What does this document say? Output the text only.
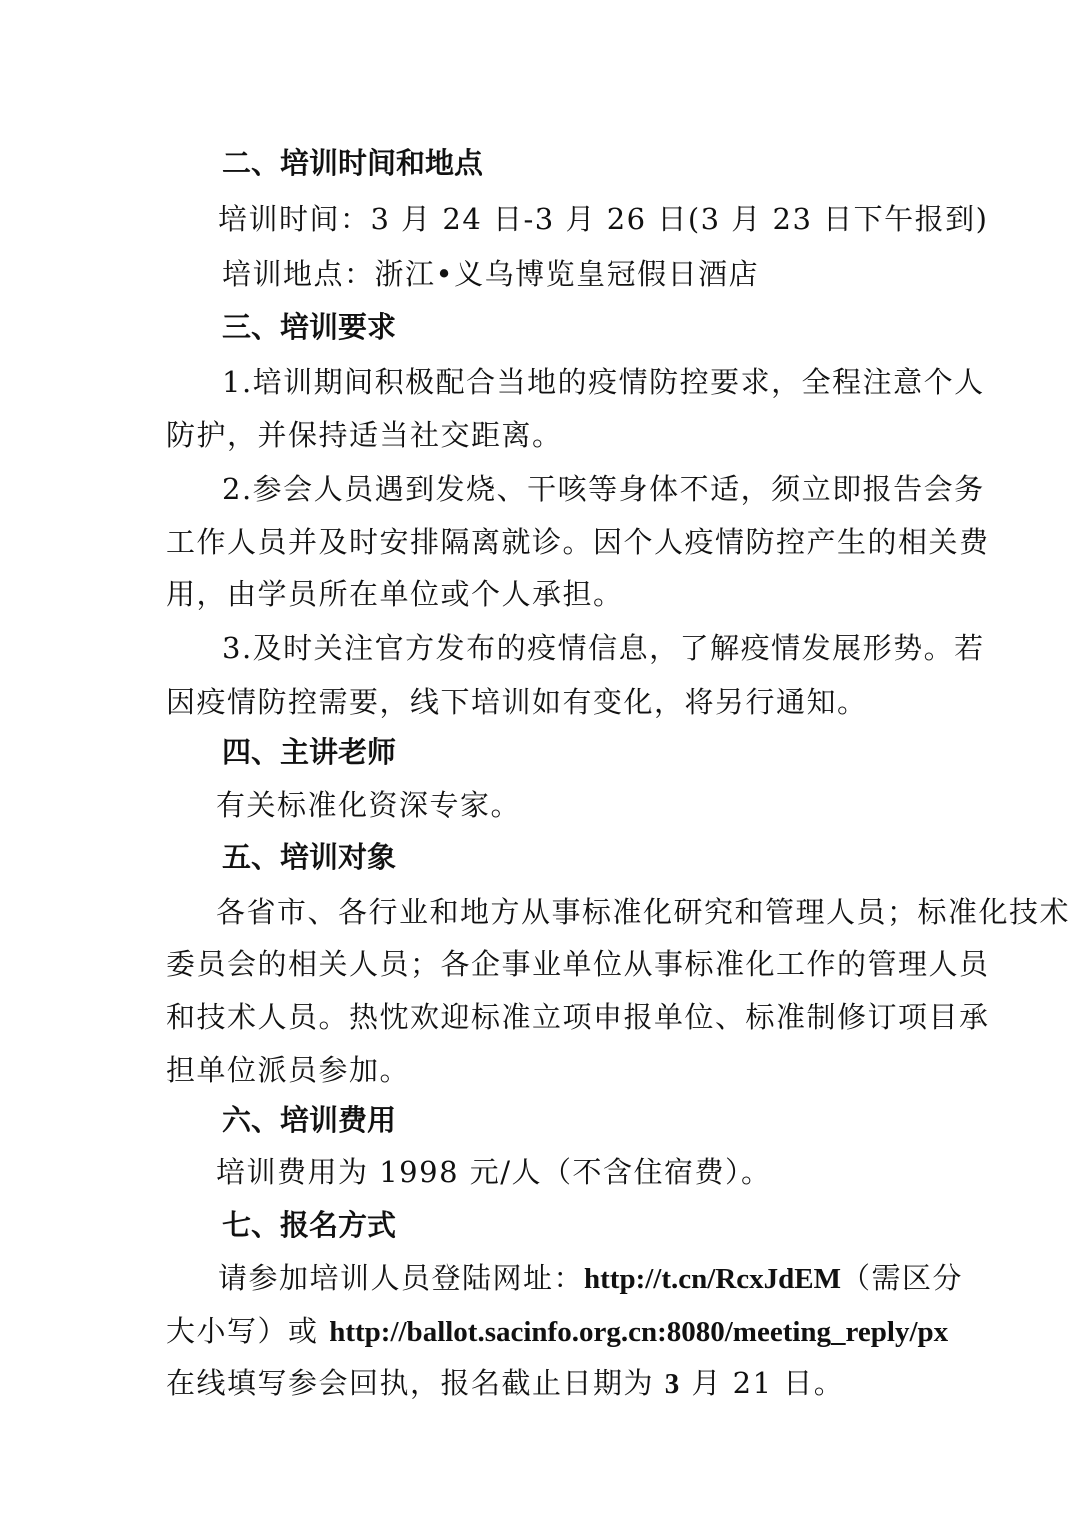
二、培训时间和地点
培训时间：3 月 24 日-3 月 26 日(3 月 23 日下午报到)
培训地点：浙江•义乌博览皇冠假日酒店
三、培训要求
1.培训期间积极配合当地的疫情防控要求，全程注意个人
防护，并保持适当社交距离。
2.参会人员遇到发烧、干咳等身体不适，须立即报告会务
工作人员并及时安排隔离就诊。因个人疫情防控产生的相关费
用，由学员所在单位或个人承担。
3.及时关注官方发布的疫情信息，了解疫情发展形势。若
因疫情防控需要，线下培训如有变化，将另行通知。
四、主讲老师
有关标准化资深专家。
五、培训对象
各省市、各行业和地方从事标准化研究和管理人员；标准化技术
委员会的相关人员；各企事业单位从事标准化工作的管理人员
和技术人员。热忱欢迎标准立项申报单位、标准制修订项目承
担单位派员参加。
六、培训费用
培训费用为 1998 元/人（不含住宿费）。
七、报名方式
请参加培训人员登陆网址：http://t.cn/RcxJdEM（需区分
大小写）或 http://ballot.sacinfo.org.cn:8080/meeting_reply/px
在线填写参会回执，报名截止日期为 3 月 21 日。
